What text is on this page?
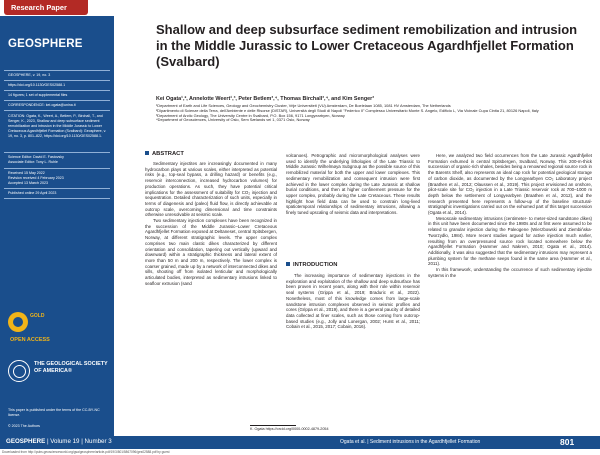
Research Paper
GEOSPHERE
GEOSPHERE, v. 19, no. 3
https://doi.org/10.1130/GES02588.1
14 figures; 1 set of supplemental files
CORRESPONDENCE: kei.ogata@unina.it
CITATION: Ogata, K., Weert, A., Betlem, P., Birchall, T., and Senger, K., 2023, Shallow and deep subsurface sediment remobilization and intrusion in the Middle Jurassic to Lower Cretaceous Agardhfjellet Formation (Svalbard): Geosphere, v. 19, no. 3, p. 801–822, https://doi.org/10.1130/GES02588.1.
Science Editor: David E. Fastovsky
Associate Editor: Tony L. Ruhle
Received 15 May 2022
Revision received 4 February 2023
Accepted 13 March 2023
Published online 29 April 2023
GOLD
OPEN ACCESS
THE GEOLOGICAL SOCIETY OF AMERICA®
This paper is published under the terms of the CC‑BY‑NC license.
© 2023 The Authors
Shallow and deep subsurface sediment remobilization and intrusion in the Middle Jurassic to Lower Cretaceous Agardhfjellet Formation (Svalbard)
Kei Ogata¹,², Annelotte Weert¹,³, Peter Betlem³,⁴, Thomas Birchall³,⁴, and Kim Senger³
¹Department of Earth and Life Sciences, Geology and Geochemistry Cluster, Vrije Universiteit (VU) Amsterdam, De Boelelaan 1085, 1081 HV Amsterdam, The Netherlands
²Dipartimento di Scienze della Terra, dell'Ambiente e delle Risorse (DiSTAR), Università degli Studi di Napoli "Federico II" Complesso Universitario Monte S. Angelo, Edificio L, Via Vicinale Cupa Cintia 21, 80126 Napoli, Italy
³Department of Arctic Geology, The University Centre in Svalbard, P.O. Box 156, 9171 Longyearbyen, Norway
⁴Department of Geosciences, University of Oslo, Sem Sælands vei 1, 0371 Oslo, Norway
ABSTRACT

Sedimentary injectites are increasingly documented in many hydrocarbon plays at various scales, either interpreted as potential risks (e.g., top-seal bypass, a drilling hazard) or benefits (e.g., reservoir interconnection, increased hydrocarbon volumes) for production operations. As such, they have potential critical implications for the assessment of suitability for CO₂ injection and sequestration. Detailed characterization of such units, especially in terms of diagenesis and (paleo) fluid flow, is directly achievable at outcrop scale, overcoming dimensional and time constraints otherwise unresolvable at seismic scale.

Two sedimentary injection complexes have been recognized in the succession of the Middle Jurassic–Lower Cretaceous Agardhfjellet Formation exposed at Deltaneset, central Spitsbergen, Norway, at different stratigraphic levels. The upper complex comprises two main clastic dikes characterized by different orientation and consolidation, tapering out vertically (upward and downward) within a stratigraphic thickness and lateral extent of more than 50 m and 200 m, respectively. The lower complex is coarser grained, made up by a network of interconnected dikes and sills, shooting off from isolated lenticular and morphologically articulated bodies, interpreted as sedimentary intrusions linked to seafloor extrusion (sand

volcanoes). Petrographic and micromorphological analyses were used to identify the underlying lithologies of the Late Triassic to Middle Jurassic Wilhelmøya Subgroup as the possible source of this remobilized material for both the upper and lower complexes. This sedimentary remobilization and consequent intrusion were first achieved in the lower complex during the Late Jurassic at shallow burial conditions, and then at higher confinement pressure for the upper complex, probably during the Late Cretaceous. These results highlight how field data can be used to constrain long-lived spatiotemporal relationships of sedimentary intrusions, allowing a finely tuned upscaling of seismic data and interpretations.

INTRODUCTION

The increasing importance of sedimentary injections in the exploration and exploitation of the shallow and deep subsurface has been proven in recent years, along with their role within reservoir seal systems (Grippa et al., 2019; Braduric et al., 2022). Nonetheless, most of this knowledge comes from large-scale sandstone intrusion complexes observed in seismic profiles and cores (Grippa et al., 2019), and there is a general paucity of detailed data collected at finer scales, such as those coming from outcrop-based studies (e.g., Jolly and Lonergan, 2002; Hurst et al., 2011; Cobain et al., 2015, 2017; Cobain, 2016).

K. Ogata https://orcid.org/0000-0002-4879-2054

Here, we analyzed two field occurrences from the Late Jurassic Agardhfjellet Formation exhumed in central Spitsbergen, Svalbard, Norway. This 200-m-thick succession of organic-rich shales, besides being a renowned regional source rock in the Barents Shelf, also represents an ideal cap rock for potential geological storage of carbon dioxide, as documented by the Longyearbyen CO₂ Laboratory project (Braathen et al., 2012; Olaussen et al., 2019). This project envisioned an onshore, pilot-scale site for CO₂ injection in a Late Triassic reservoir rock at 700–1000 m depth below the settlement of Longyearbyen (Braathen et al., 2012), and the research presented here represents a follow-up of the baseline structural-stratigraphic investigations carried out on the exhumed part of this target succession (Ogata et al., 2014).

Mesoscale sedimentary intrusions (centimeter- to meter-sized sandstone dikes) in this unit have been documented since the 1980s and at first were assumed to be related to granular injection during the Paleogene (Wierzbowski and Ziembińska-Tworzydło, 1984). More recent studies argued for active injection much earlier, resulting from an overpressured source rock located somewhere below the Agardhfjellet Formation (Hammer and Nakrem, 2010; Ogata et al., 2014). Additionally, it was also suggested that the sedimentary intrusions may represent a plumbing system for the methane seeps found in the same area (Hammer et al., 2011).

In this framework, understanding the occurrence of such sedimentary injectite systems in the

GEOSPHERE | Volume 19 | Number 3	Ogata et al. | Sediment intrusions in the Agardhfjellet Formation	801
Downloaded from http://pubs.geoscienceworld.org/gsa/geosphere/article-pdf/19/3/801/5867096/ges02588.pdf by guest
